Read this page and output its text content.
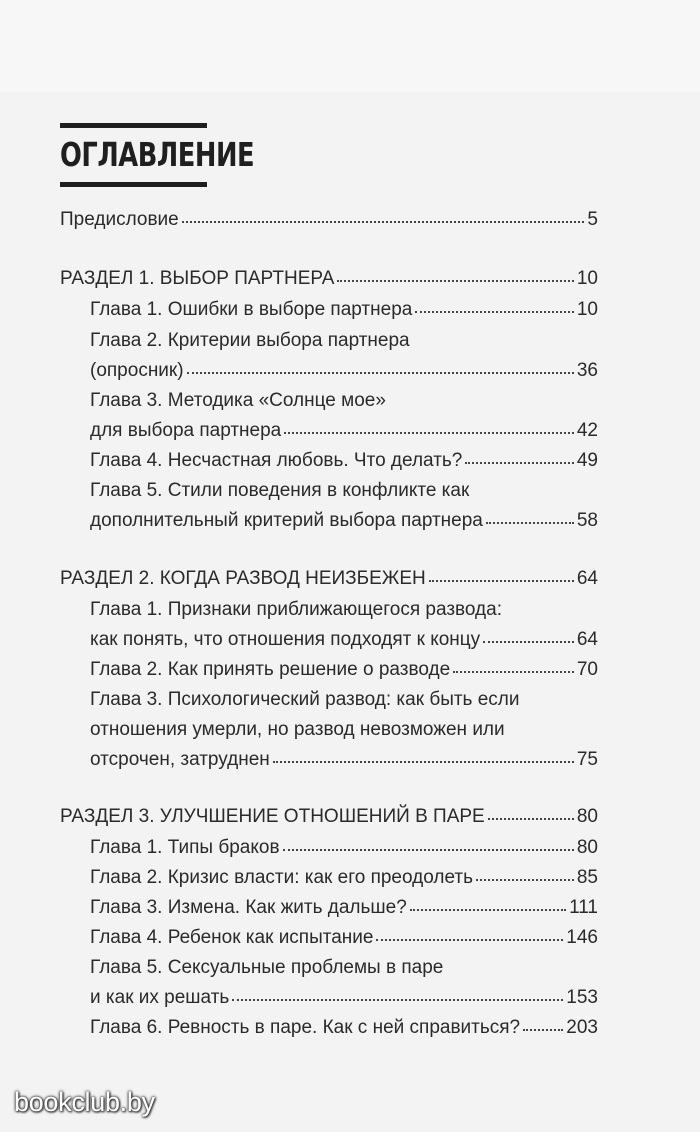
ОГЛАВЛЕНИЕ
Предисловие	5
РАЗДЕЛ 1. ВЫБОР ПАРТНЕРА	10
Глава 1. Ошибки в выборе партнера	10
Глава 2. Критерии выбора партнера
(опросник)	36
Глава 3. Методика «Солнце мое»
для выбора партнера	42
Глава 4. Несчастная любовь. Что делать?	49
Глава 5. Стили поведения в конфликте как
дополнительный критерий выбора партнера	58
РАЗДЕЛ 2. КОГДА РАЗВОД НЕИЗБЕЖЕН	64
Глава 1. Признаки приближающегося развода:
как понять, что отношения подходят к концу	64
Глава 2. Как принять решение о разводе	70
Глава 3. Психологический развод: как быть если
отношения умерли, но развод невозможен или
отсрочен, затруднен	75
РАЗДЕЛ 3. УЛУЧШЕНИЕ ОТНОШЕНИЙ В ПАРЕ	80
Глава 1. Типы браков	80
Глава 2. Кризис власти: как его преодолеть	85
Глава 3. Измена. Как жить дальше?	111
Глава 4. Ребенок как испытание	146
Глава 5. Сексуальные проблемы в паре
и как их решать	153
Глава 6. Ревность в паре. Как с ней справиться? 203

bookclub.by
